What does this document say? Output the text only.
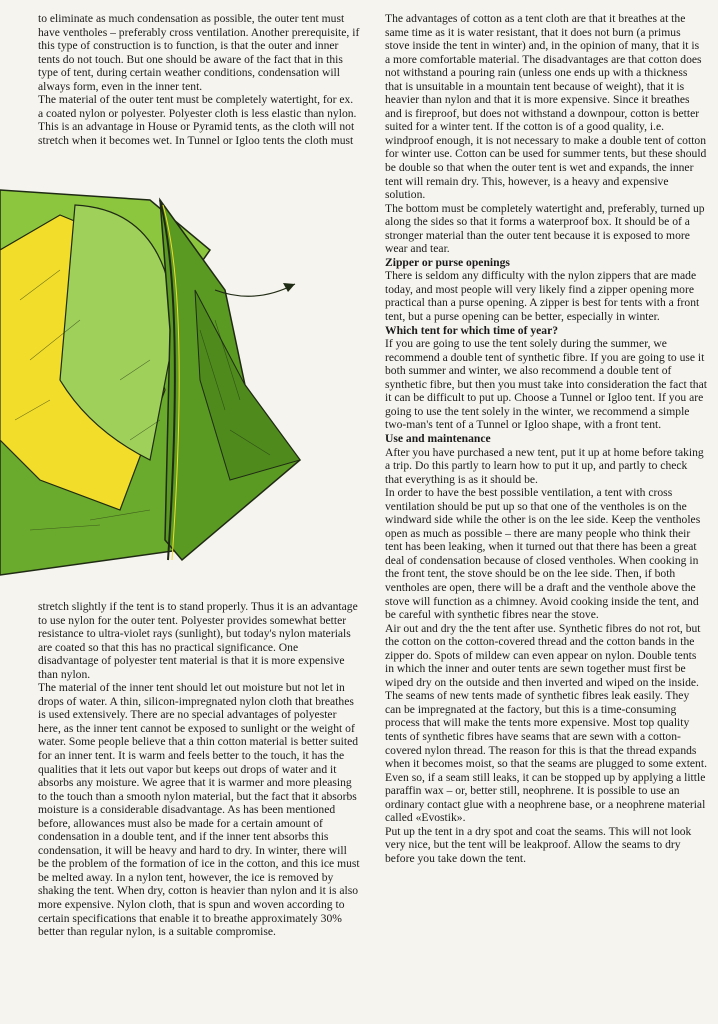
to eliminate as much condensation as possible, the outer tent must have ventholes – preferably cross ventilation. Another prerequisite, if this type of construction is to function, is that the outer and inner tents do not touch. But one should be aware of the fact that in this type of tent, during certain weather conditions, condensation will always form, even in the inner tent.

The material of the outer tent must be completely watertight, for ex. a coated nylon or polyester. Polyester cloth is less elastic than nylon. This is an advantage in House or Pyramid tents, as the cloth will not stretch when it becomes wet. In Tunnel or Igloo tents the cloth must

stretch slightly if the tent is to stand properly. Thus it is an advantage to use nylon for the outer tent. Polyester provides somewhat better resistance to ultra-violet rays (sunlight), but today's nylon materials are coated so that this has no practical significance. One disadvantage of polyester tent material is that it is more expensive than nylon.

The material of the inner tent should let out moisture but not let in drops of water. A thin, silicon-impregnated nylon cloth that breathes is used extensively. There are no special advantages of polyester here, as the inner tent cannot be exposed to sunlight or the weight of water. Some people believe that a thin cotton material is better suited for an inner tent. It is warm and feels better to the touch, it has the qualities that it lets out vapor but keeps out drops of water and it absorbs any moisture. We agree that it is warmer and more pleasing to the touch than a smooth nylon material, but the fact that it absorbs moisture is a considerable disadvantage. As has been mentioned before, allowances must also be made for a certain amount of condensation in a double tent, and if the inner tent absorbs this condensation, it will be heavy and hard to dry. In winter, there will be the problem of the formation of ice in the cotton, and this ice must be melted away. In a nylon tent, however, the ice is removed by shaking the tent. When dry, cotton is heavier than nylon and it is also more expensive. Nylon cloth, that is spun and woven according to certain specifications that enable it to breathe approximately 30% better than regular nylon, is a suitable compromise.

The advantages of cotton as a tent cloth are that it breathes at the same time as it is water resistant, that it does not burn (a primus stove inside the tent in winter) and, in the opinion of many, that it is a more comfortable material. The disadvantages are that cotton does not withstand a pouring rain (unless one ends up with a thickness that is unsuitable in a mountain tent because of weight), that it is heavier than nylon and that it is more expensive. Since it breathes and is fireproof, but does not withstand a downpour, cotton is better suited for a winter tent. If the cotton is of a good quality, i.e. windproof enough, it is not necessary to make a double tent of cotton for winter use. Cotton can be used for summer tents, but these should be double so that when the outer tent is wet and expands, the inner tent will remain dry. This, however, is a heavy and expensive solution.

The bottom must be completely watertight and, preferably, turned up along the sides so that it forms a waterproof box. It should be of a stronger material than the outer tent because it is exposed to more wear and tear.

Zipper or purse openings

There is seldom any difficulty with the nylon zippers that are made today, and most people will very likely find a zipper opening more practical than a purse opening. A zipper is best for tents with a front tent, but a purse opening can be better, especially in winter.

Which tent for which time of year?

If you are going to use the tent solely during the summer, we recommend a double tent of synthetic fibre. If you are going to use it both summer and winter, we also recommend a double tent of synthetic fibre, but then you must take into consideration the fact that it can be difficult to put up. Choose a Tunnel or Igloo tent. If you are going to use the tent solely in the winter, we recommend a simple two-man's tent of a Tunnel or Igloo shape, with a front tent.

Use and maintenance

After you have purchased a new tent, put it up at home before taking a trip. Do this partly to learn how to put it up, and partly to check that everything is as it should be.

In order to have the best possible ventilation, a tent with cross ventilation should be put up so that one of the ventholes is on the windward side while the other is on the lee side. Keep the ventholes open as much as possible – there are many people who think their tent has been leaking, when it turned out that there has been a great deal of condensation because of closed ventholes. When cooking in the front tent, the stove should be on the lee side. Then, if both ventholes are open, there will be a draft and the venthole above the stove will function as a chimney. Avoid cooking inside the tent, and be careful with synthetic fibres near the stove.

Air out and dry the the tent after use. Synthetic fibres do not rot, but the cotton on the cotton-covered thread and the cotton bands in the zipper do. Spots of mildew can even appear on nylon. Double tents in which the inner and outer tents are sewn together must first be wiped dry on the outside and then inverted and wiped on the inside.

The seams of new tents made of synthetic fibres leak easily. They can be impregnated at the factory, but this is a time-consuming process that will make the tents more expensive. Most top quality tents of synthetic fibres have seams that are sewn with a cotton-covered nylon thread. The reason for this is that the thread expands when it becomes moist, so that the seams are plugged to some extent. Even so, if a seam still leaks, it can be stopped up by applying a little paraffin wax – or, better still, neophrene. It is possible to use an ordinary contact glue with a neophrene base, or a neophrene material called «Evostik».

Put up the tent in a dry spot and coat the seams. This will not look very nice, but the tent will be leakproof. Allow the seams to dry before you take down the tent.
